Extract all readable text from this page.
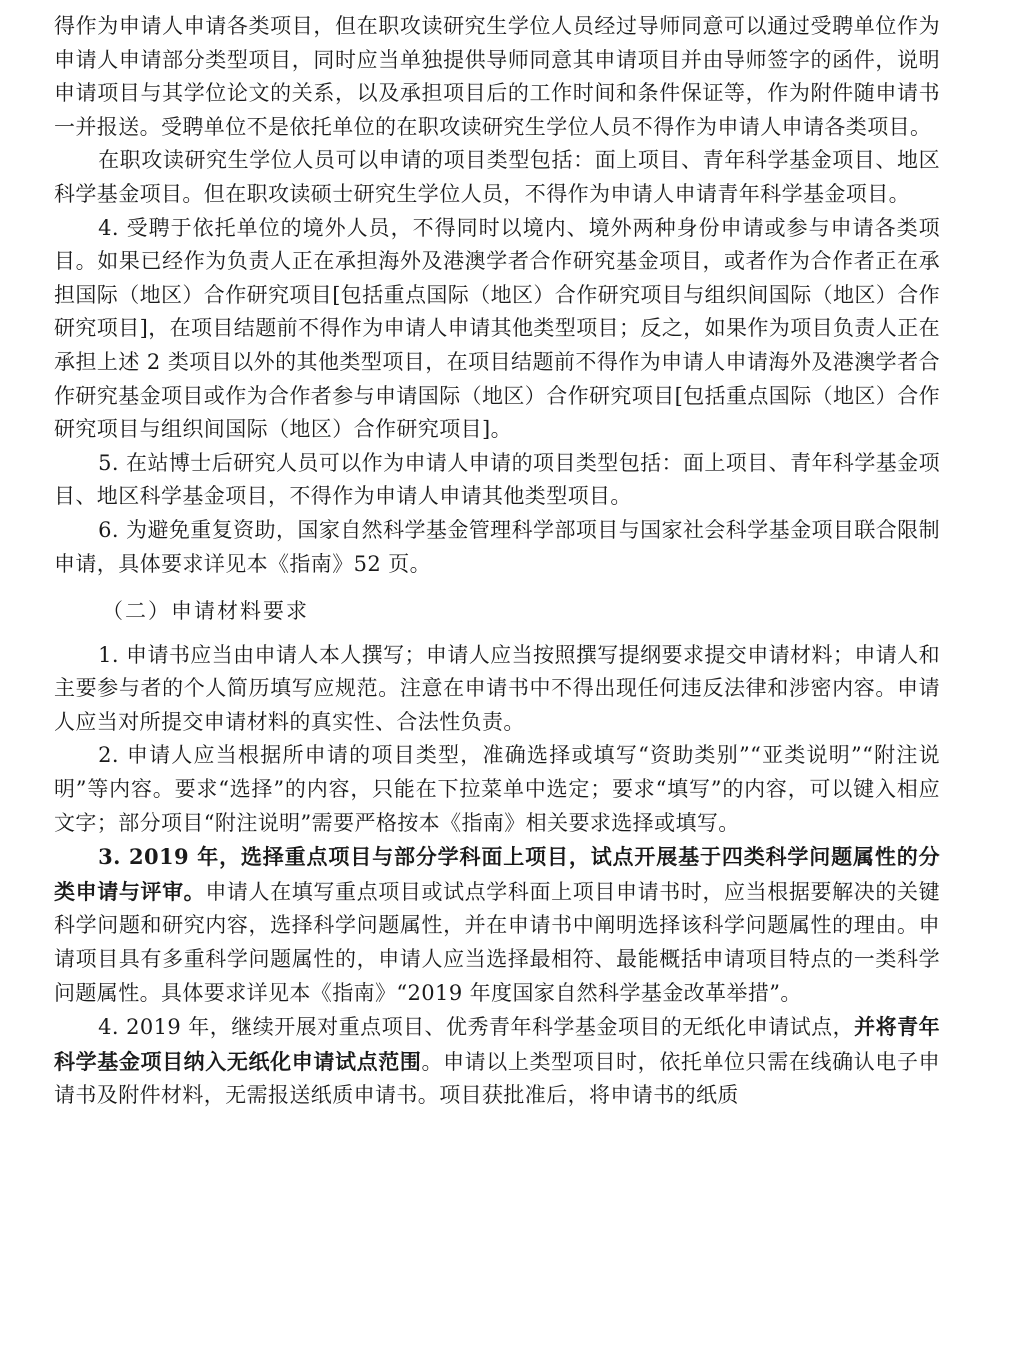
得作为申请人申请各类项目，但在职攻读研究生学位人员经过导师同意可以通过受聘单位作为申请人申请部分类型项目，同时应当单独提供导师同意其申请项目并由导师签字的函件，说明申请项目与其学位论文的关系，以及承担项目后的工作时间和条件保证等，作为附件随申请书一并报送。受聘单位不是依托单位的在职攻读研究生学位人员不得作为申请人申请各类项目。

在职攻读研究生学位人员可以申请的项目类型包括：面上项目、青年科学基金项目、地区科学基金项目。但在职攻读硕士研究生学位人员，不得作为申请人申请青年科学基金项目。

4. 受聘于依托单位的境外人员，不得同时以境内、境外两种身份申请或参与申请各类项目。如果已经作为负责人正在承担海外及港澳学者合作研究基金项目，或者作为合作者正在承担国际（地区）合作研究项目[包括重点国际（地区）合作研究项目与组织间国际（地区）合作研究项目]，在项目结题前不得作为申请人申请其他类型项目；反之，如果作为项目负责人正在承担上述 2 类项目以外的其他类型项目，在项目结题前不得作为申请人申请海外及港澳学者合作研究基金项目或作为合作者参与申请国际（地区）合作研究项目[包括重点国际（地区）合作研究项目与组织间国际（地区）合作研究项目]。

5. 在站博士后研究人员可以作为申请人申请的项目类型包括：面上项目、青年科学基金项目、地区科学基金项目，不得作为申请人申请其他类型项目。

6. 为避免重复资助，国家自然科学基金管理科学部项目与国家社会科学基金项目联合限制申请，具体要求详见本《指南》52 页。

（二）申请材料要求

1. 申请书应当由申请人本人撰写；申请人应当按照撰写提纲要求提交申请材料；申请人和主要参与者的个人简历填写应规范。注意在申请书中不得出现任何违反法律和涉密内容。申请人应当对所提交申请材料的真实性、合法性负责。

2. 申请人应当根据所申请的项目类型，准确选择或填写“资助类别”“亚类说明”“附注说明”等内容。要求“选择”的内容，只能在下拉菜单中选定；要求“填写”的内容，可以键入相应文字；部分项目“附注说明”需要严格按本《指南》相关要求选择或填写。

3. 2019 年，选择重点项目与部分学科面上项目，试点开展基于四类科学问题属性的分类申请与评审。申请人在填写重点项目或试点学科面上项目申请书时，应当根据要解决的关键科学问题和研究内容，选择科学问题属性，并在申请书中阐明选择该科学问题属性的理由。申请项目具有多重科学问题属性的，申请人应当选择最相符、最能概括申请项目特点的一类科学问题属性。具体要求详见本《指南》“2019 年度国家自然科学基金改革举措”。

4. 2019 年，继续开展对重点项目、优秀青年科学基金项目的无纸化申请试点，并将青年科学基金项目纳入无纸化申请试点范围。申请以上类型项目时，依托单位只需在线确认电子申请书及附件材料，无需报送纸质申请书。项目获批准后，将申请书的纸质
